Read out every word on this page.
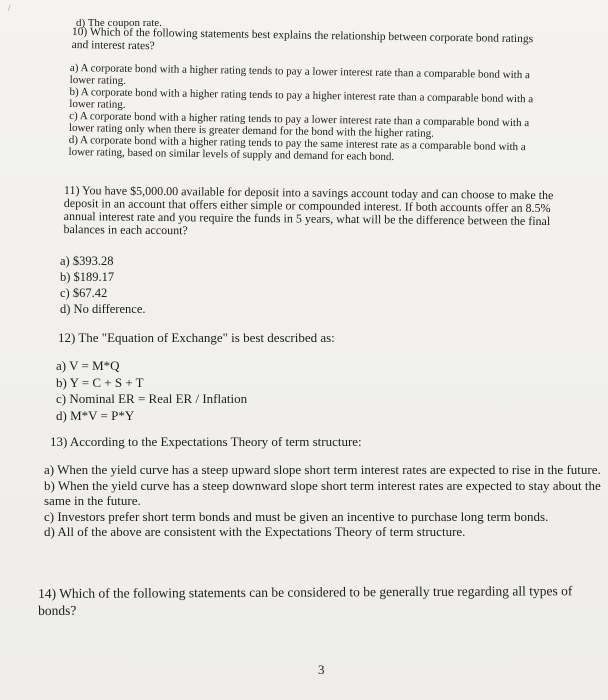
/

d) The coupon rate.

10) Which of the following statements best explains the relationship between corporate bond ratings and interest rates?

a) A corporate bond with a higher rating tends to pay a lower interest rate than a comparable bond with a lower rating.

b) A corporate bond with a higher rating tends to pay a higher interest rate than a comparable bond with a lower rating.

c) A corporate bond with a higher rating tends to pay a lower interest rate than a comparable bond with a lower rating only when there is greater demand for the bond with the higher rating.

d) A corporate bond with a higher rating tends to pay the same interest rate as a comparable bond with a lower rating, based on similar levels of supply and demand for each bond.

11) You have $5,000.00 available for deposit into a savings account today and can choose to make the deposit in an account that offers either simple or compounded interest. If both accounts offer an 8.5% annual interest rate and you require the funds in 5 years, what will be the difference between the final balances in each account?

a) $393.28

b) $189.17

c) $67.42

d) No difference.

12) The "Equation of Exchange" is best described as:

a) V = M*Q

b) Y = C + S + T

c) Nominal ER = Real ER / Inflation

d) M*V = P*Y

13) According to the Expectations Theory of term structure:

a) When the yield curve has a steep upward slope short term interest rates are expected to rise in the future.

b) When the yield curve has a steep downward slope short term interest rates are expected to stay about the same in the future.

c) Investors prefer short term bonds and must be given an incentive to purchase long term bonds.

d) All of the above are consistent with the Expectations Theory of term structure.

14) Which of the following statements can be considered to be generally true regarding all types of bonds?

3
